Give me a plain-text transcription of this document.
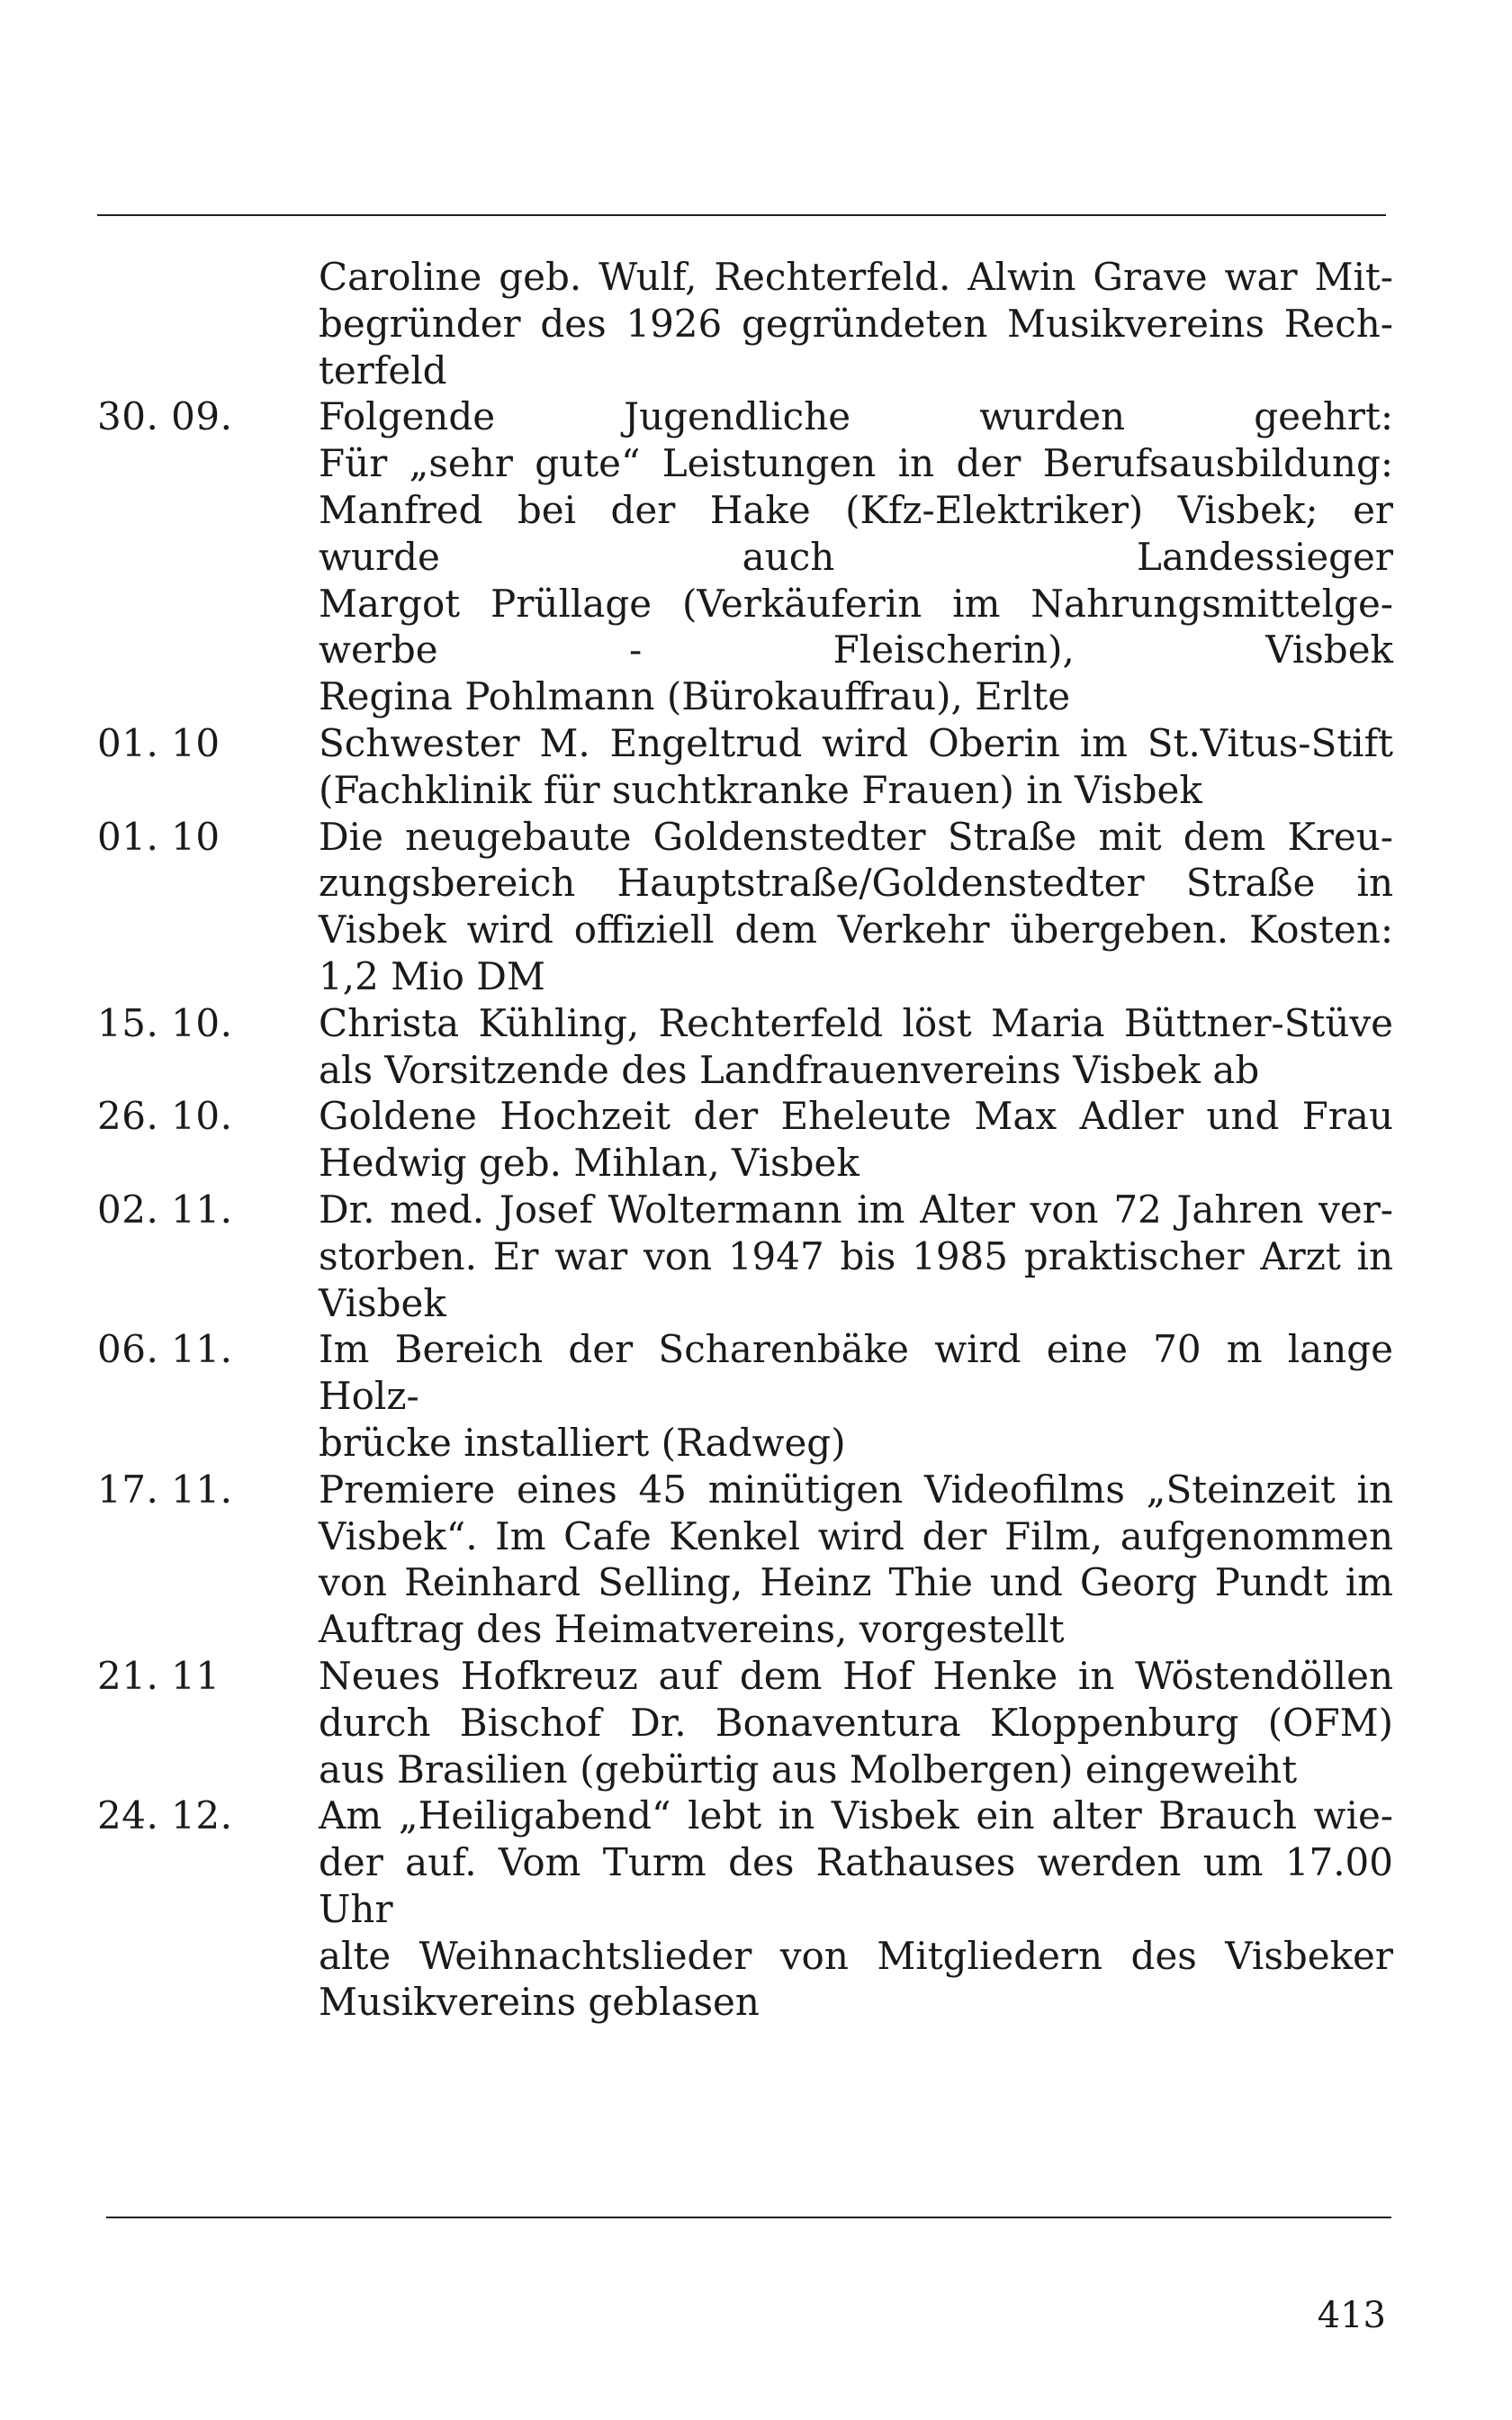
Caroline geb. Wulf, Rechterfeld. Alwin Grave war Mit-
begründer des 1926 gegründeten Musikvereins Rech-
terfeld
30. 09.	Folgende Jugendliche wurden geehrt:
Für „sehr gute“ Leistungen in der Berufsausbildung:
Manfred bei der Hake (Kfz-Elektriker) Visbek; er
wurde auch Landessieger
Margot Prüllage (Verkäuferin im Nahrungsmittelge-
werbe - Fleischerin), Visbek
Regina Pohlmann (Bürokauffrau), Erlte
01. 10	Schwester M. Engeltrud wird Oberin im St.Vitus-Stift
(Fachklinik für suchtkranke Frauen) in Visbek
01. 10	Die neugebaute Goldenstedter Straße mit dem Kreu-
zungsbereich Hauptstraße/Goldenstedter Straße in
Visbek wird offiziell dem Verkehr übergeben. Kosten:
1,2 Mio DM
15. 10.	Christa Kühling, Rechterfeld löst Maria Büttner-Stüve
als Vorsitzende des Landfrauenvereins Visbek ab
26. 10.	Goldene Hochzeit der Eheleute Max Adler und Frau
Hedwig geb. Mihlan, Visbek
02. 11.	Dr. med. Josef Woltermann im Alter von 72 Jahren ver-
storben. Er war von 1947 bis 1985 praktischer Arzt in
Visbek
06. 11.	Im Bereich der Scharenbäke wird eine 70 m lange Holz-
brücke installiert (Radweg)
17. 11.	Premiere eines 45 minütigen Videofilms „Steinzeit in
Visbek“. Im Cafe Kenkel wird der Film, aufgenommen
von Reinhard Selling, Heinz Thie und Georg Pundt im
Auftrag des Heimatvereins, vorgestellt
21. 11	Neues Hofkreuz auf dem Hof Henke in Wöstendöllen
durch Bischof Dr. Bonaventura Kloppenburg (OFM)
aus Brasilien (gebürtig aus Molbergen) eingeweiht
24. 12.	Am „Heiligabend“ lebt in Visbek ein alter Brauch wie-
der auf. Vom Turm des Rathauses werden um 17.00 Uhr
alte Weihnachtslieder von Mitgliedern des Visbeker
Musikvereins geblasen
413
